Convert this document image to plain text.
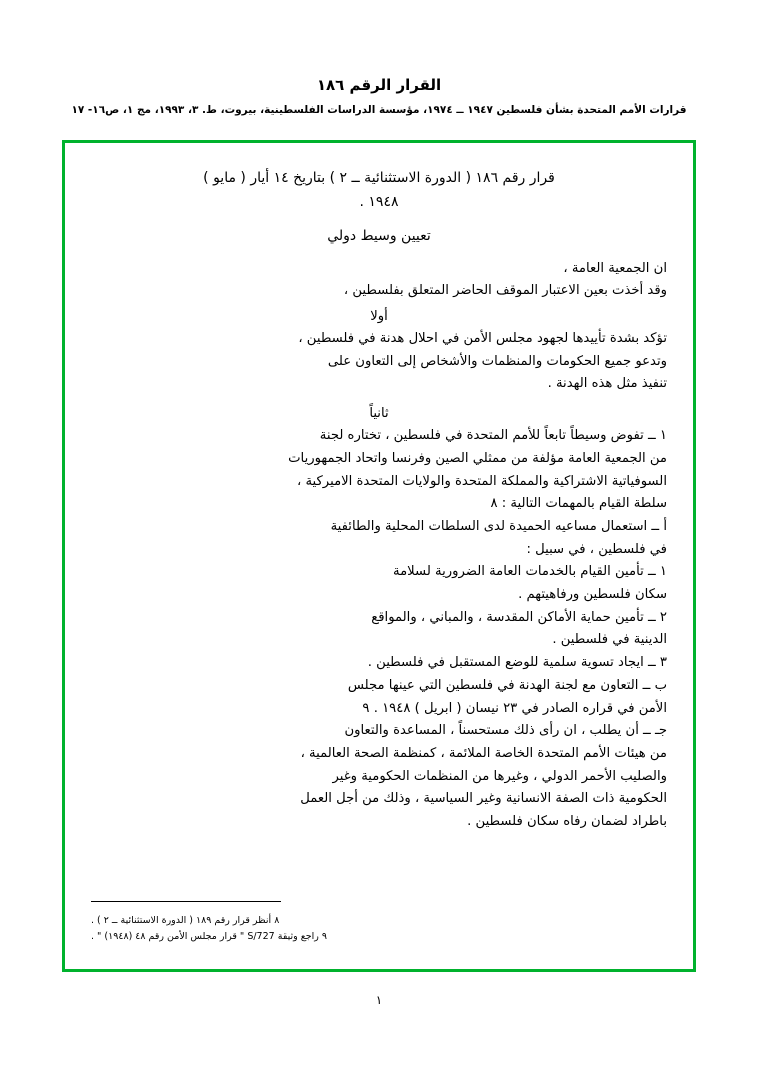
القرار الرقم ١٨٦
قرارات الأمم المتحدة بشأن فلسطين ١٩٤٧ ــ ١٩٧٤، مؤسسة الدراسات الفلسطينية، بيروت، ط. ٣، ١٩٩٣، مج ١، ص١٦- ١٧
قرار رقم ١٨٦ ( الدورة الاستثنائية ــ ٢ ) بتاريخ ١٤ أيار ( مايو )
١٩٤٨ .
تعيين وسيط دولي
ان الجمعية العامة ،
وقد أخذت بعين الاعتبار الموقف الحاضر المتعلق بفلسطين ،
أولا
تؤكد بشدة تأييدها لجهود مجلس الأمن في احلال هدنة في فلسطين ،
وتدعو جميع الحكومات والمنظمات والأشخاص إلى التعاون على
تنفيذ مثل هذه الهدنة .
ثانياً
١ ــ تفوض وسيطاً تابعاً للأمم المتحدة في فلسطين ، تختاره لجنة
من الجمعية العامة مؤلفة من ممثلي الصين وفرنسا واتحاد الجمهوريات
السوفياتية الاشتراكية والمملكة المتحدة والولايات المتحدة الاميركية ،
سلطة القيام بالمهمات التالية : ٨
أ ــ استعمال مساعيه الحميدة لدى السلطات المحلية والطائفية
في فلسطين ، في سبيل :
١ ــ تأمين القيام بالخدمات العامة الضرورية لسلامة
سكان فلسطين ورفاهيتهم .
٢ ــ تأمين حماية الأماكن المقدسة ، والمباني ، والمواقع
الدينية في فلسطين .
٣ ــ ايجاد تسوية سلمية للوضع المستقبل في فلسطين .
ب ــ التعاون مع لجنة الهدنة في فلسطين التي عينها مجلس
الأمن في قراره الصادر في ٢٣ نيسان ( ابريل ) ١٩٤٨ . ٩
جـ ــ أن يطلب ، ان رأى ذلك مستحسناً ، المساعدة والتعاون
من هيئات الأمم المتحدة الخاصة الملائمة ، كمنظمة الصحة العالمية ،
والصليب الأحمر الدولي ، وغيرها من المنظمات الحكومية وغير
الحكومية ذات الصفة الانسانية وغير السياسية ، وذلك من أجل العمل
باطراد لضمان رفاه سكان فلسطين .
٨ أنظر قرار رقم ١٨٩ ( الدورة الاستثنائية ــ ٢ ) .
٩ راجع وثيقة S/727 " قرار مجلس الأمن رقم ٤٨ (١٩٤٨) " .
١
